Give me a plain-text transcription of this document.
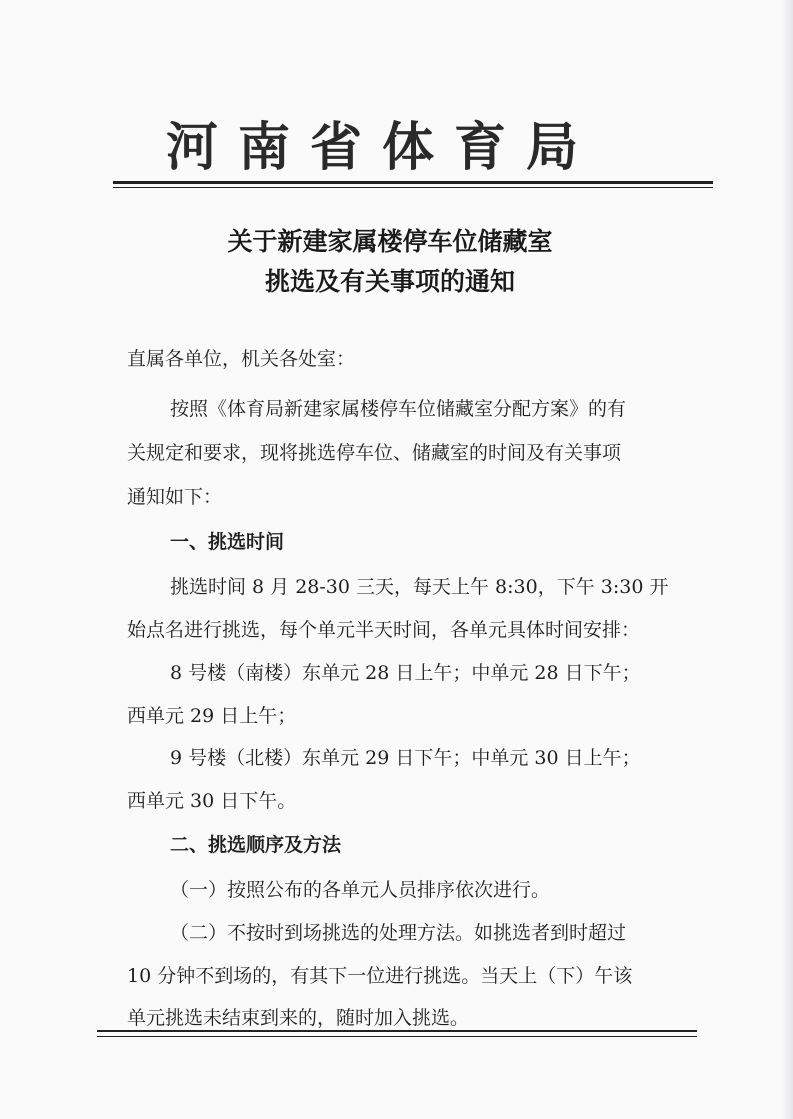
河南省体育局
关于新建家属楼停车位储藏室
挑选及有关事项的通知
直属各单位，机关各处室：
按照《体育局新建家属楼停车位储藏室分配方案》的有
关规定和要求，现将挑选停车位、储藏室的时间及有关事项
通知如下：
一、挑选时间
挑选时间 8 月 28-30 三天，每天上午 8:30，下午 3:30 开
始点名进行挑选，每个单元半天时间，各单元具体时间安排：
8 号楼（南楼）东单元 28 日上午；中单元 28 日下午；
西单元 29 日上午；
9 号楼（北楼）东单元 29 日下午；中单元 30 日上午；
西单元 30 日下午。
二、挑选顺序及方法
（一）按照公布的各单元人员排序依次进行。
（二）不按时到场挑选的处理方法。如挑选者到时超过
10 分钟不到场的，有其下一位进行挑选。当天上（下）午该
单元挑选未结束到来的，随时加入挑选。
